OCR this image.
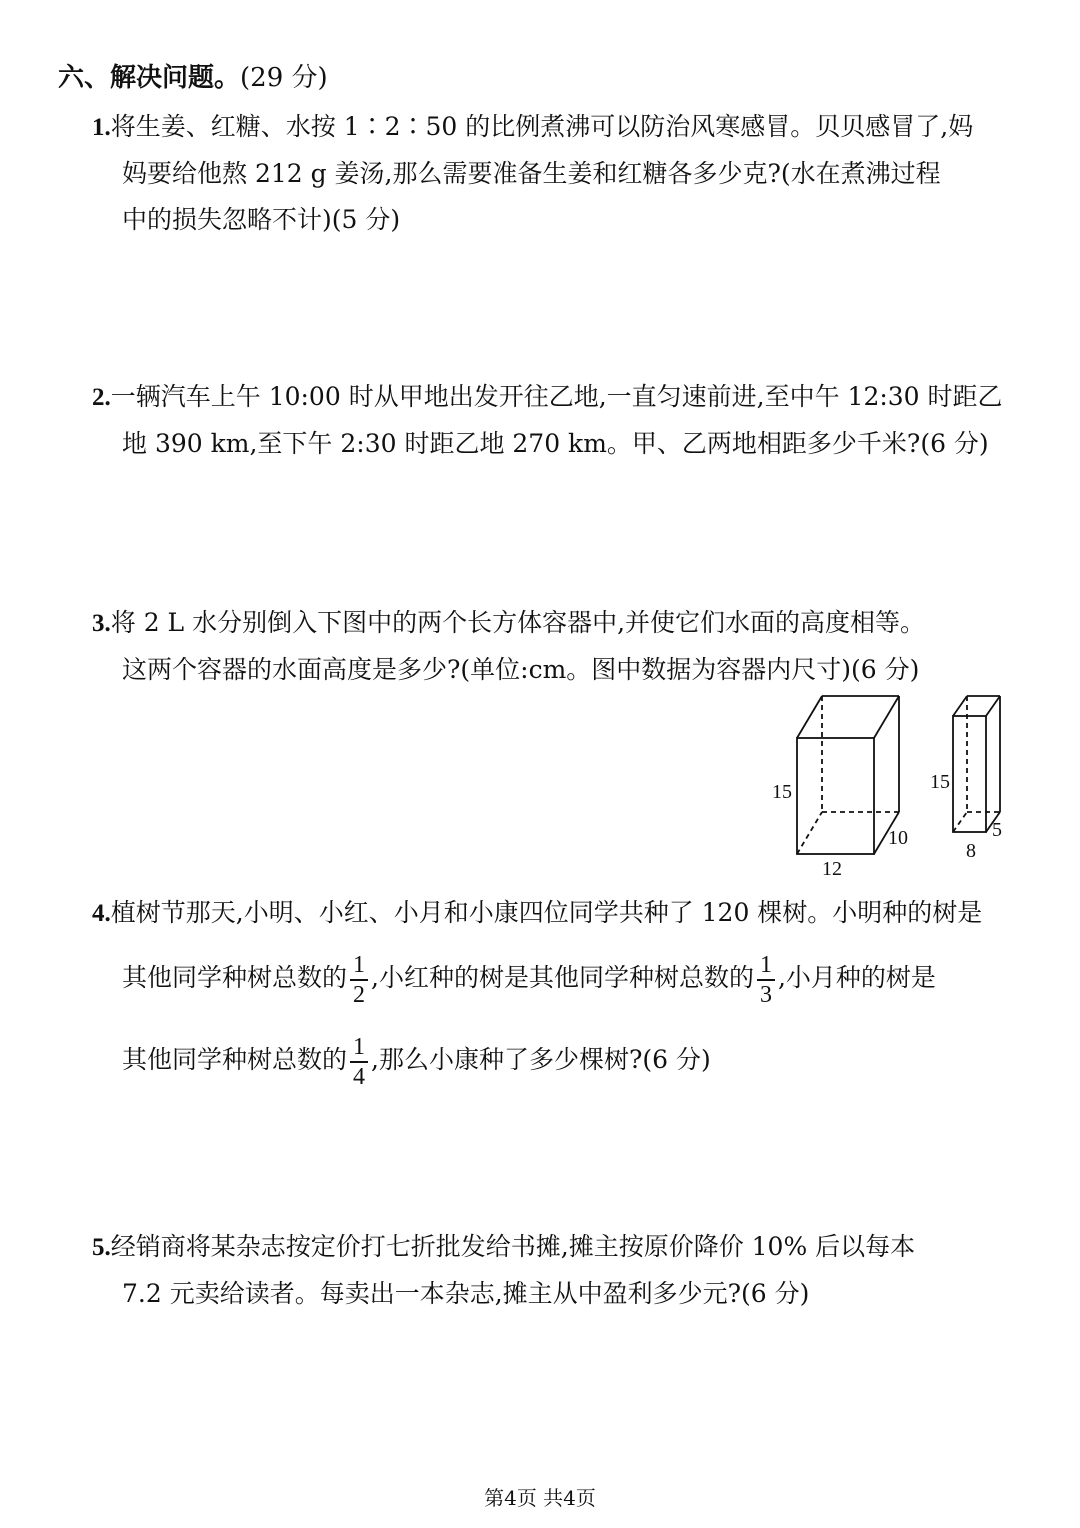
六、解决问题。(29 分)
1.将生姜、红糖、水按 1∶2∶50 的比例煮沸可以防治风寒感冒。贝贝感冒了,妈
妈要给他熬 212 g 姜汤,那么需要准备生姜和红糖各多少克?(水在煮沸过程
中的损失忽略不计)(5 分)
2.一辆汽车上午 10:00 时从甲地出发开往乙地,一直匀速前进,至中午 12:30 时距乙
地 390 km,至下午 2:30 时距乙地 270 km。甲、乙两地相距多少千米?(6 分)
3.将 2 L 水分别倒入下图中的两个长方体容器中,并使它们水面的高度相等。
这两个容器的水面高度是多少?(单位:cm。图中数据为容器内尺寸)(6 分)
15
10
12
15
5
8
4.植树节那天,小明、小红、小月和小康四位同学共种了 120 棵树。小明种的树是
其他同学种树总数的 $\frac{1}{2}$ ,小红种的树是其他同学种树总数的 $\frac{1}{3}$ ,小月种的树是
其他同学种树总数的 $\frac{1}{4}$ ,那么小康种了多少棵树?(6 分)
5.经销商将某杂志按定价打七折批发给书摊,摊主按原价降价 10% 后以每本
7.2 元卖给读者。每卖出一本杂志,摊主从中盈利多少元?(6 分)
第4页 共4页
